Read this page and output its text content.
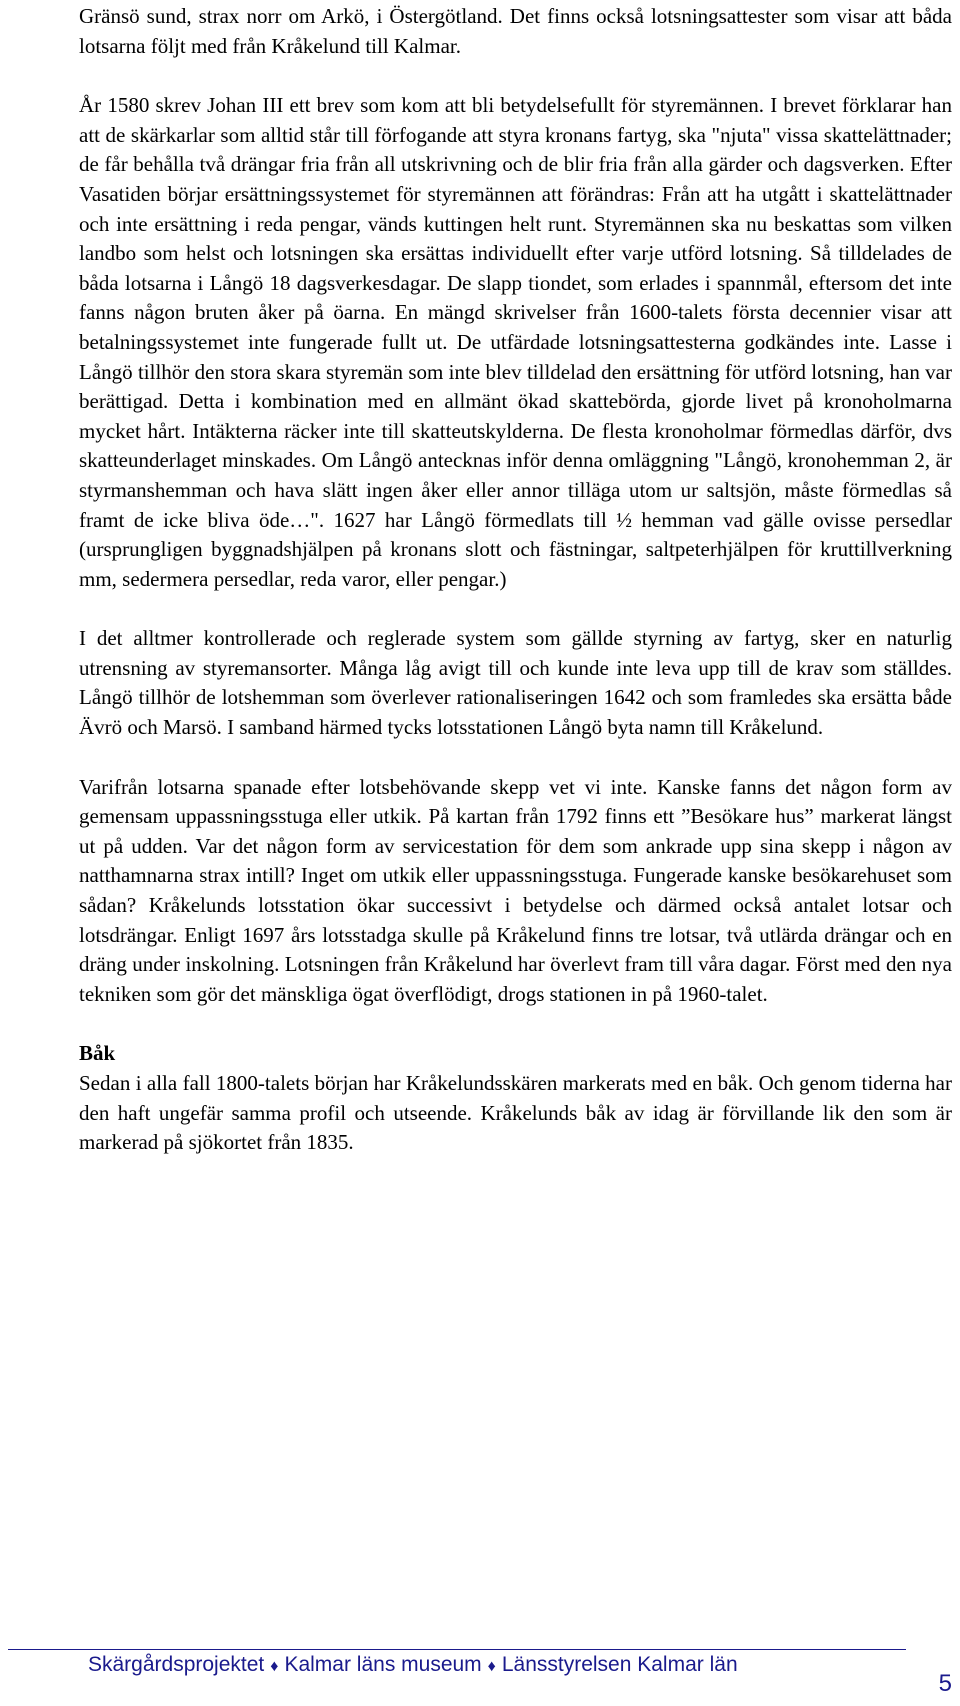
Gränsö sund, strax norr om Arkö, i Östergötland. Det finns också lotsningsattester som visar att båda lotsarna följt med från Kråkelund till Kalmar.

År 1580 skrev Johan III ett brev som kom att bli betydelsefullt för styremännen. I brevet förklarar han att de skärkarlar som alltid står till förfogande att styra kronans fartyg, ska "njuta" vissa skattelättnader; de får behålla två drängar fria från all utskrivning och de blir fria från alla gärder och dagsverken. Efter Vasatiden börjar ersättningssystemet för styremännen att förändras: Från att ha utgått i skattelättnader och inte ersättning i reda pengar, vänds kuttingen helt runt. Styremännen ska nu beskattas som vilken landbo som helst och lotsningen ska ersättas individuellt efter varje utförd lotsning. Så tilldelades de båda lotsarna i Långö 18 dagsverkesdagar. De slapp tiondet, som erlades i spannmål, eftersom det inte fanns någon bruten åker på öarna. En mängd skrivelser från 1600-talets första decennier visar att betalningssystemet inte fungerade fullt ut. De utfärdade lotsningsattesterna godkändes inte. Lasse i Långö tillhör den stora skara styremän som inte blev tilldelad den ersättning för utförd lotsning, han var berättigad. Detta i kombination med en allmänt ökad skattebörda, gjorde livet på kronoholmarna mycket hårt. Intäkterna räcker inte till skatteutskylderna. De flesta kronoholmar förmedlas därför, dvs skatteunderlaget minskades. Om Långö antecknas inför denna omläggning "Långö, kronohemman 2, är styrmanshemman och hava slätt ingen åker eller annor tilläga utom ur saltsjön, måste förmedlas så framt de icke bliva öde…". 1627 har Långö förmedlats till ½ hemman vad gälle ovisse persedlar (ursprungligen byggnadshjälpen på kronans slott och fästningar, saltpeterhjälpen för kruttillverkning mm, sedermera persedlar, reda varor, eller pengar.)

I det alltmer kontrollerade och reglerade system som gällde styrning av fartyg, sker en naturlig utrensning av styremansorter. Många låg avigt till och kunde inte leva upp till de krav som ställdes. Långö tillhör de lotshemman som överlever rationaliseringen 1642 och som framledes ska ersätta både Ävrö och Marsö. I samband härmed tycks lotsstationen Långö byta namn till Kråkelund.

Varifrån lotsarna spanade efter lotsbehövande skepp vet vi inte. Kanske fanns det någon form av gemensam uppassningsstuga eller utkik. På kartan från 1792 finns ett ”Besökare hus” markerat längst ut på udden. Var det någon form av servicestation för dem som ankrade upp sina skepp i någon av natthamnarna strax intill? Inget om utkik eller uppassningsstuga. Fungerade kanske besökarehuset som sådan? Kråkelunds lotsstation ökar successivt i betydelse och därmed också antalet lotsar och lotsdrängar. Enligt 1697 års lotsstadga skulle på Kråkelund finns tre lotsar, två utlärda drängar och en dräng under inskolning. Lotsningen från Kråkelund har överlevt fram till våra dagar. Först med den nya tekniken som gör det mänskliga ögat överflödigt, drogs stationen in på 1960-talet.

Båk

Sedan i alla fall 1800-talets början har Kråkelundsskären markerats med en båk. Och genom tiderna har den haft ungefär samma profil och utseende. Kråkelunds båk av idag är förvillande lik den som är markerad på sjökortet från 1835.

Skärgårdsprojektet ♦ Kalmar läns museum ♦ Länsstyrelsen Kalmar län
5
